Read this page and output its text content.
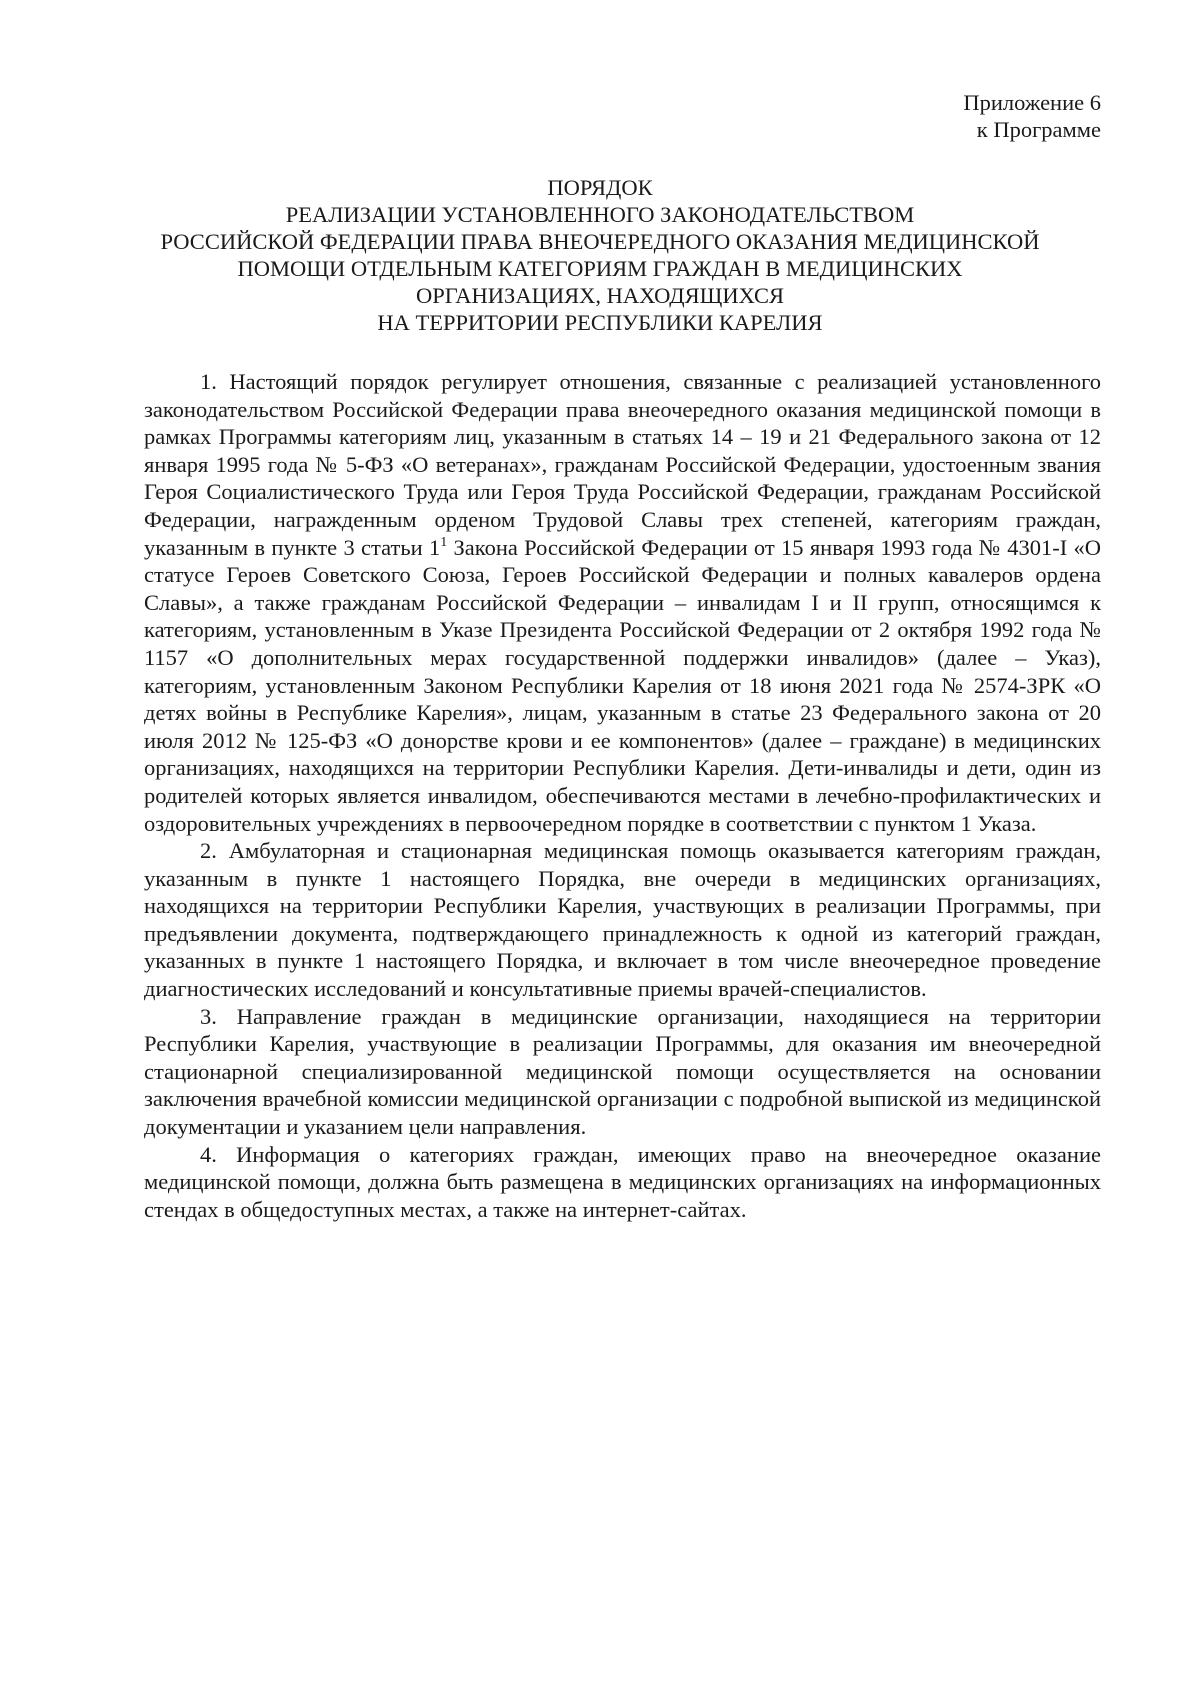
Приложение 6
к Программе
ПОРЯДОК
РЕАЛИЗАЦИИ УСТАНОВЛЕННОГО ЗАКОНОДАТЕЛЬСТВОМ
РОССИЙСКОЙ ФЕДЕРАЦИИ ПРАВА ВНЕОЧЕРЕДНОГО ОКАЗАНИЯ МЕДИЦИНСКОЙ
ПОМОЩИ ОТДЕЛЬНЫМ КАТЕГОРИЯМ ГРАЖДАН В МЕДИЦИНСКИХ
ОРГАНИЗАЦИЯХ, НАХОДЯЩИХСЯ
НА ТЕРРИТОРИИ РЕСПУБЛИКИ КАРЕЛИЯ

1. Настоящий порядок регулирует отношения, связанные с реализацией установленного законодательством Российской Федерации права внеочередного оказания медицинской помощи в рамках Программы категориям лиц, указанным в статьях 14 – 19 и 21 Федерального закона от 12 января 1995 года № 5-ФЗ «О ветеранах», гражданам Российской Федерации, удостоенным звания Героя Социалистического Труда или Героя Труда Российской Федерации, гражданам Российской Федерации, награжденным орденом Трудовой Славы трех степеней, категориям граждан, указанным в пункте 3 статьи $1^1$ Закона Российской Федерации от 15 января 1993 года № 4301-I «О статусе Героев Советского Союза, Героев Российской Федерации и полных кавалеров ордена Славы», а также гражданам Российской Федерации – инвалидам I и II групп, относящимся к категориям, установленным в Указе Президента Российской Федерации от 2 октября 1992 года № 1157 «О дополнительных мерах государственной поддержки инвалидов» (далее – Указ), категориям, установленным Законом Республики Карелия от 18 июня 2021 года № 2574-ЗРК «О детях войны в Республике Карелия», лицам, указанным в статье 23 Федерального закона от 20 июля 2012 № 125-ФЗ «О донорстве крови и ее компонентов» (далее – граждане) в медицинских организациях, находящихся на территории Республики Карелия. Дети-инвалиды и дети, один из родителей которых является инвалидом, обеспечиваются местами в лечебно-профилактических и оздоровительных учреждениях в первоочередном порядке в соответствии с пунктом 1 Указа.

2. Амбулаторная и стационарная медицинская помощь оказывается категориям граждан, указанным в пункте 1 настоящего Порядка, вне очереди в медицинских организациях, находящихся на территории Республики Карелия, участвующих в реализации Программы, при предъявлении документа, подтверждающего принадлежность к одной из категорий граждан, указанных в пункте 1 настоящего Порядка, и включает в том числе внеочередное проведение диагностических исследований и консультативные приемы врачей-специалистов.

3. Направление граждан в медицинские организации, находящиеся на территории Республики Карелия, участвующие в реализации Программы, для оказания им внеочередной стационарной специализированной медицинской помощи осуществляется на основании заключения врачебной комиссии медицинской организации с подробной выпиской из медицинской документации и указанием цели направления.

4. Информация о категориях граждан, имеющих право на внеочередное оказание медицинской помощи, должна быть размещена в медицинских организациях на информационных стендах в общедоступных местах, а также на интернет-сайтах.
